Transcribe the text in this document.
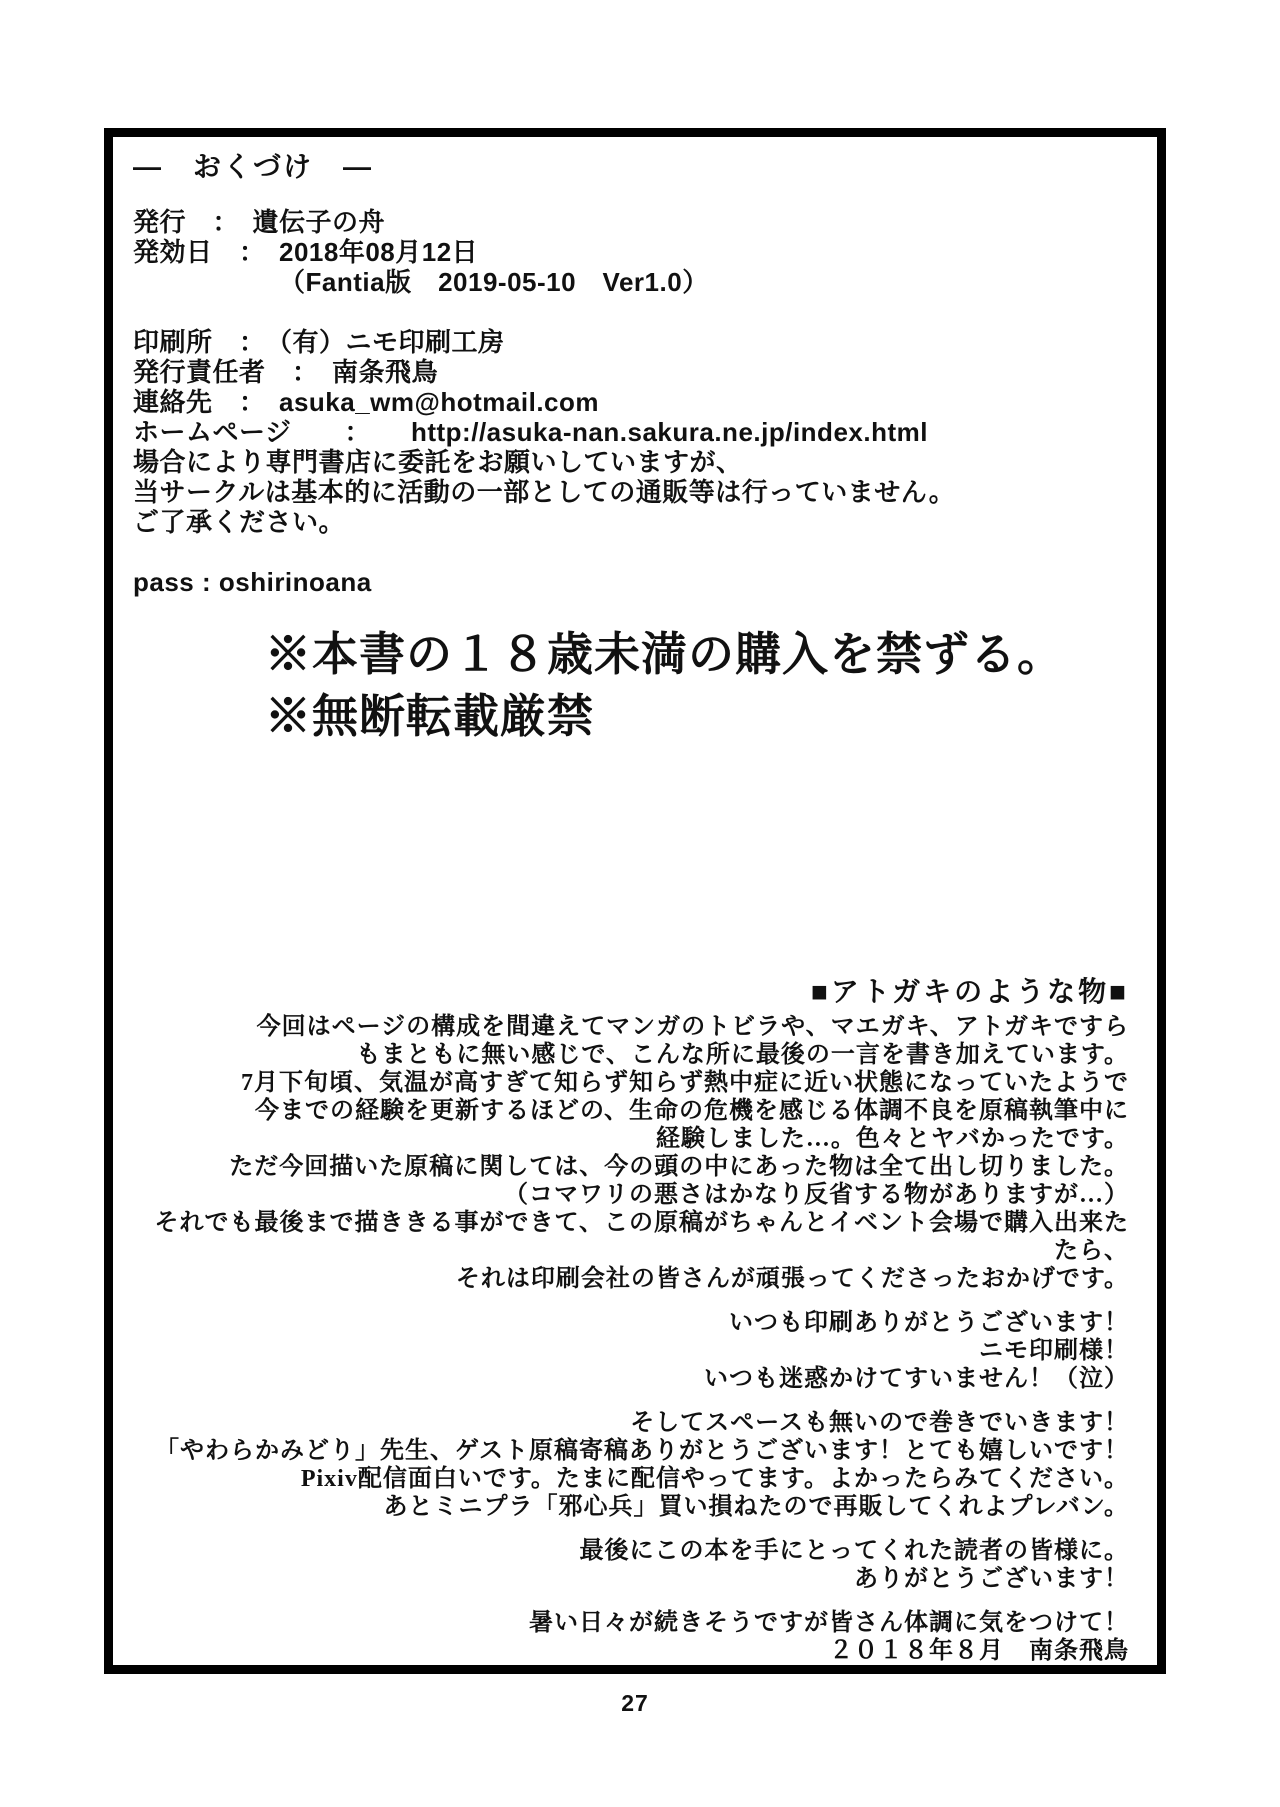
―　おくづけ　―
発行　：　遺伝子の舟
発効日　：　2018年08月12日
　　　　　　（Fantia版　2019-05-10　Ver1.0）
印刷所　：　（有）ニモ印刷工房
発行責任者　：　南条飛鳥
連絡先　：　asuka_wm@hotmail.com
ホームページ　　：　　http://asuka-nan.sakura.ne.jp/index.html
場合により専門書店に委託をお願いしていますが、
当サークルは基本的に活動の一部としての通販等は行っていません。
ご了承ください。
pass : oshirinoana
※本書の１８歳未満の購入を禁ずる。
※無断転載厳禁
■アトガキのような物■
今回はページの構成を間違えてマンガのトビラや、マエガキ、アトガキですら
もまともに無い感じで、こんな所に最後の一言を書き加えています。
7月下旬頃、気温が高すぎて知らず知らず熱中症に近い状態になっていたようで
今までの経験を更新するほどの、生命の危機を感じる体調不良を原稿執筆中に
経験しました…。色々とヤバかったです。
ただ今回描いた原稿に関しては、今の頭の中にあった物は全て出し切りました。
（コマワリの悪さはかなり反省する物がありますが…）
それでも最後まで描ききる事ができて、この原稿がちゃんとイベント会場で購入出来たたら、
それは印刷会社の皆さんが頑張ってくださったおかげです。
いつも印刷ありがとうございます！
ニモ印刷様！
いつも迷惑かけてすいません！（泣）
そしてスペースも無いので巻きでいきます！
「やわらかみどり」先生、ゲスト原稿寄稿ありがとうございます！とても嬉しいです！
Pixiv配信面白いです。たまに配信やってます。よかったらみてください。
あとミニプラ「邪心兵」買い損ねたので再販してくれよプレバン。
最後にこの本を手にとってくれた読者の皆様に。
ありがとうございます！
暑い日々が続きそうですが皆さん体調に気をつけて！
２０１８年８月　南条飛鳥
27
